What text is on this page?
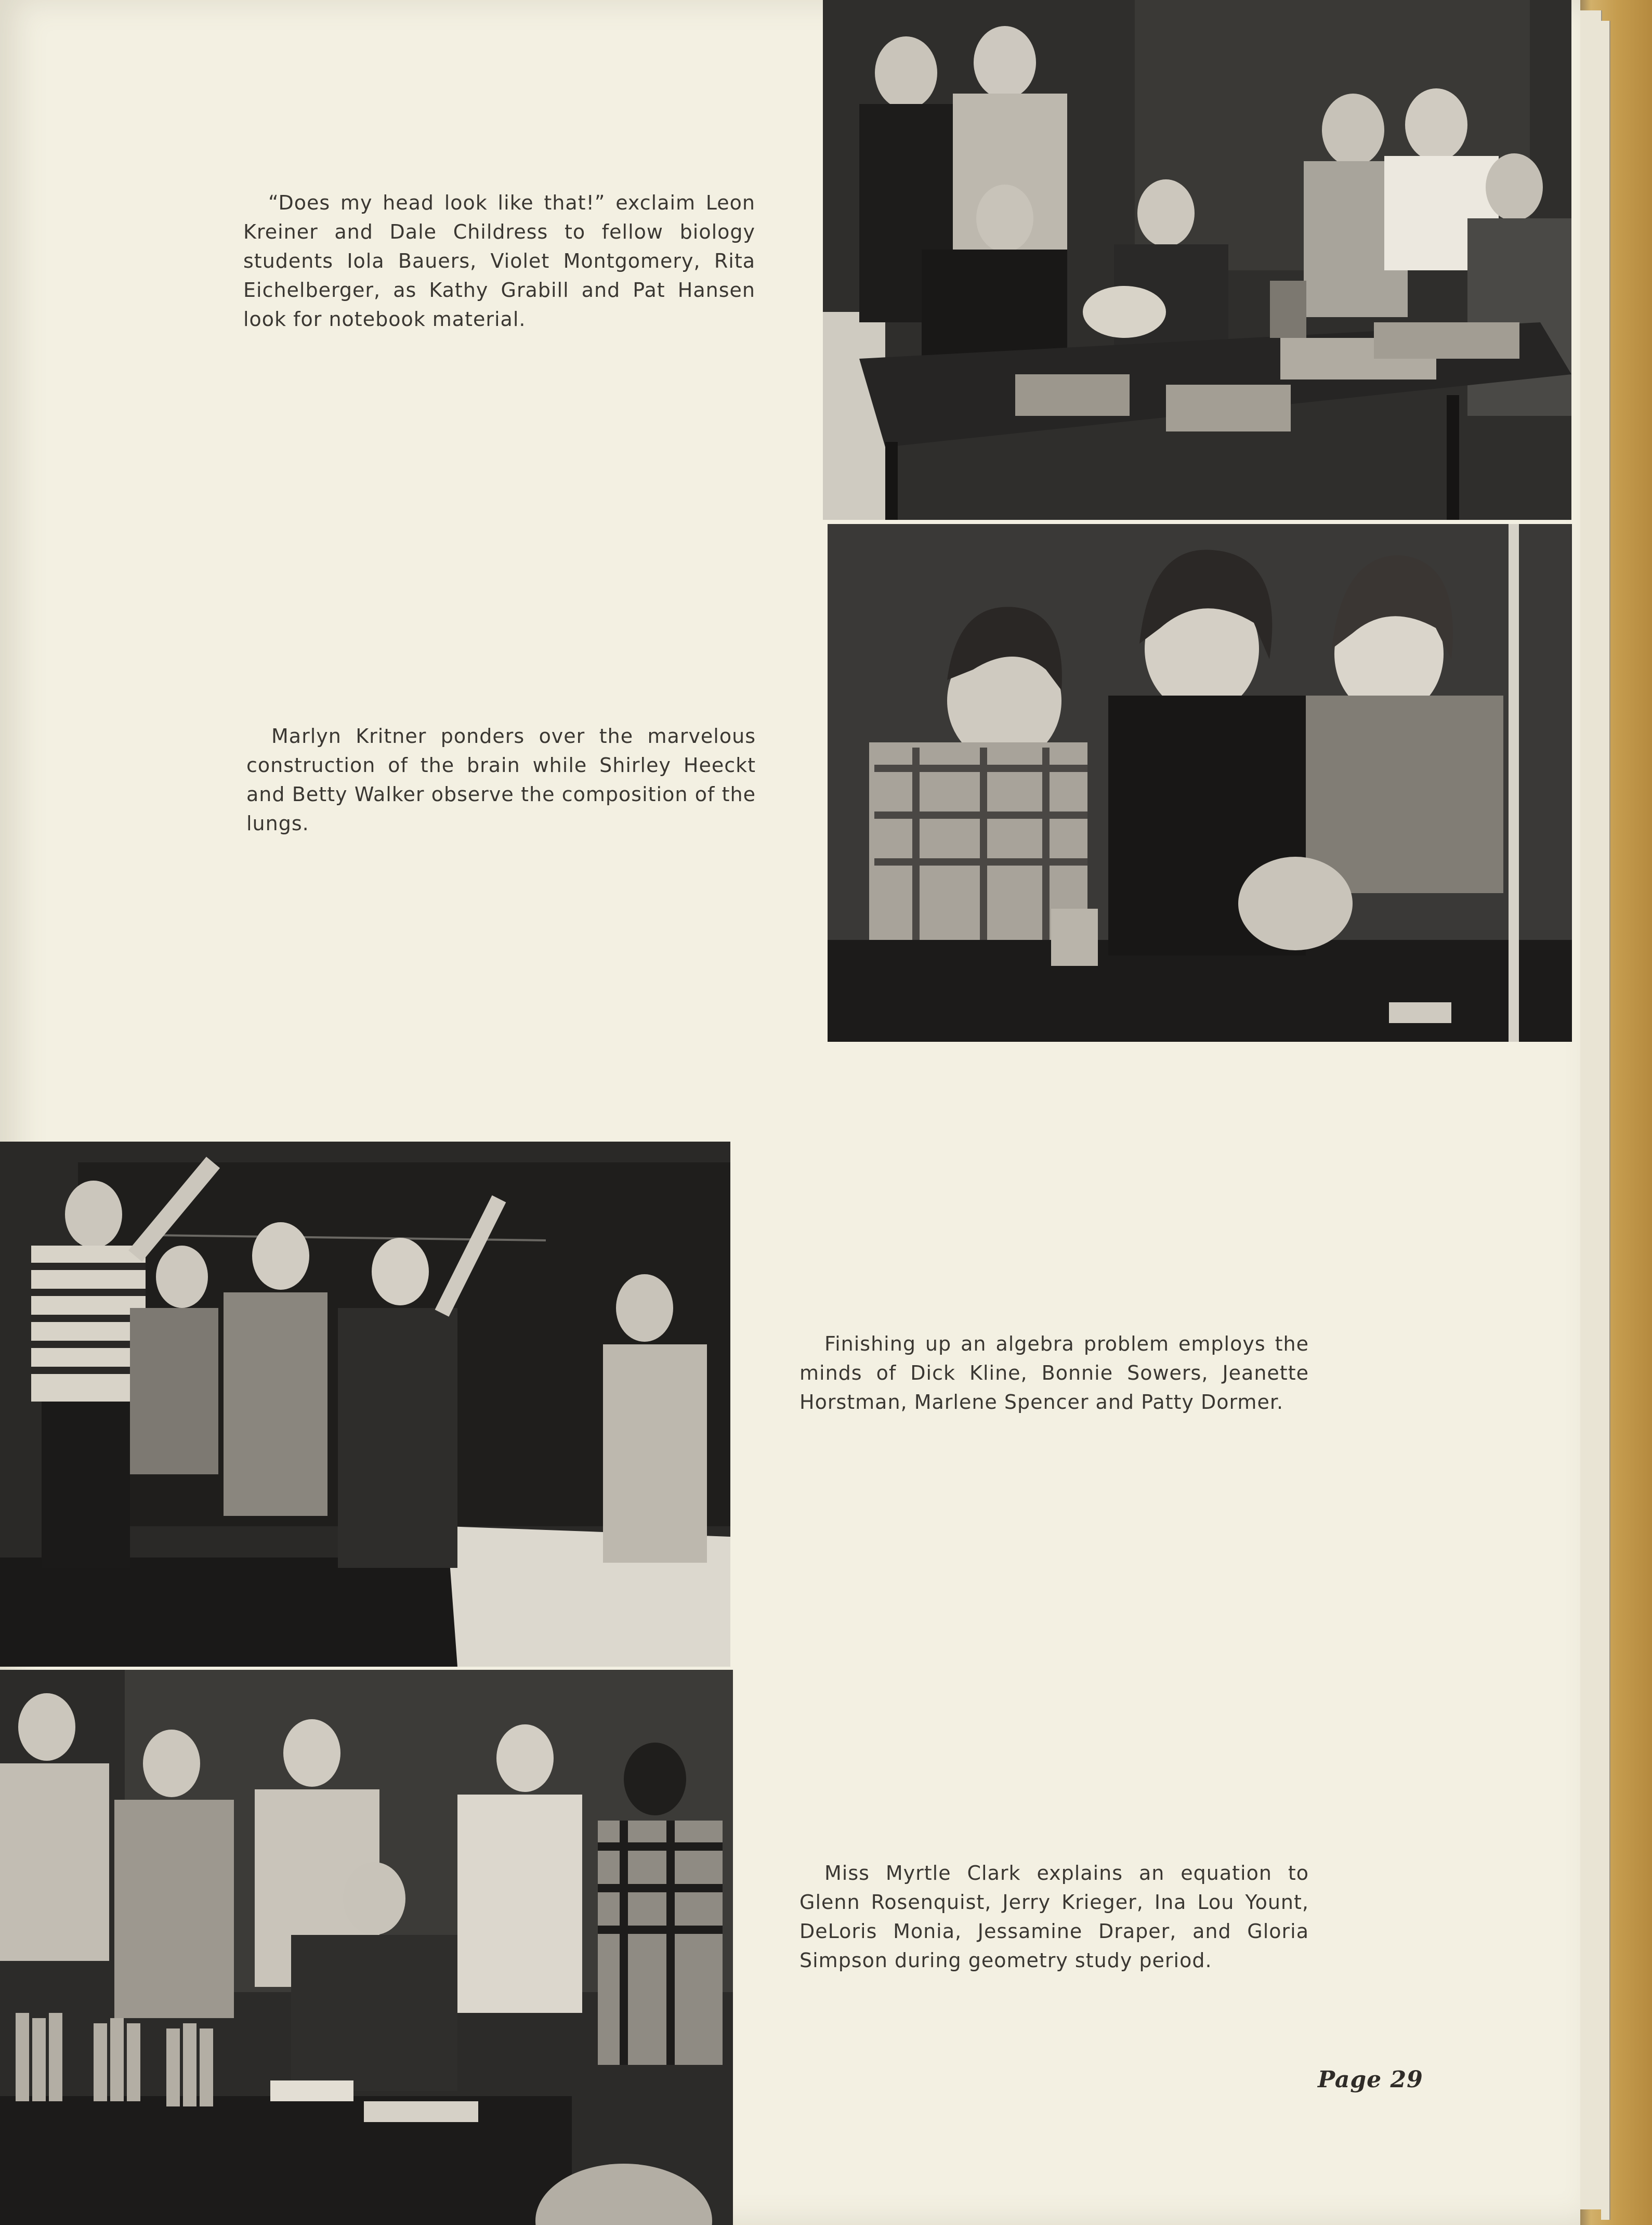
“Does my head look like that!” exclaim Leon Kreiner and Dale Childress to fellow biology students Iola Bauers, Violet Montgomery, Rita Eichelberger, as Kathy Grabill and Pat Hansen look for notebook material.

Marlyn Kritner ponders over the marvelous construction of the brain while Shirley Heeckt and Betty Walker observe the composition of the lungs.

Finishing up an algebra problem employs the minds of Dick Kline, Bonnie Sowers, Jeanette Horstman, Marlene Spencer and Patty Dormer.

Miss Myrtle Clark explains an equation to Glenn Rosenquist, Jerry Krieger, Ina Lou Yount, DeLoris Monia, Jessamine Draper, and Gloria Simpson during geometry study period.

Page 29
